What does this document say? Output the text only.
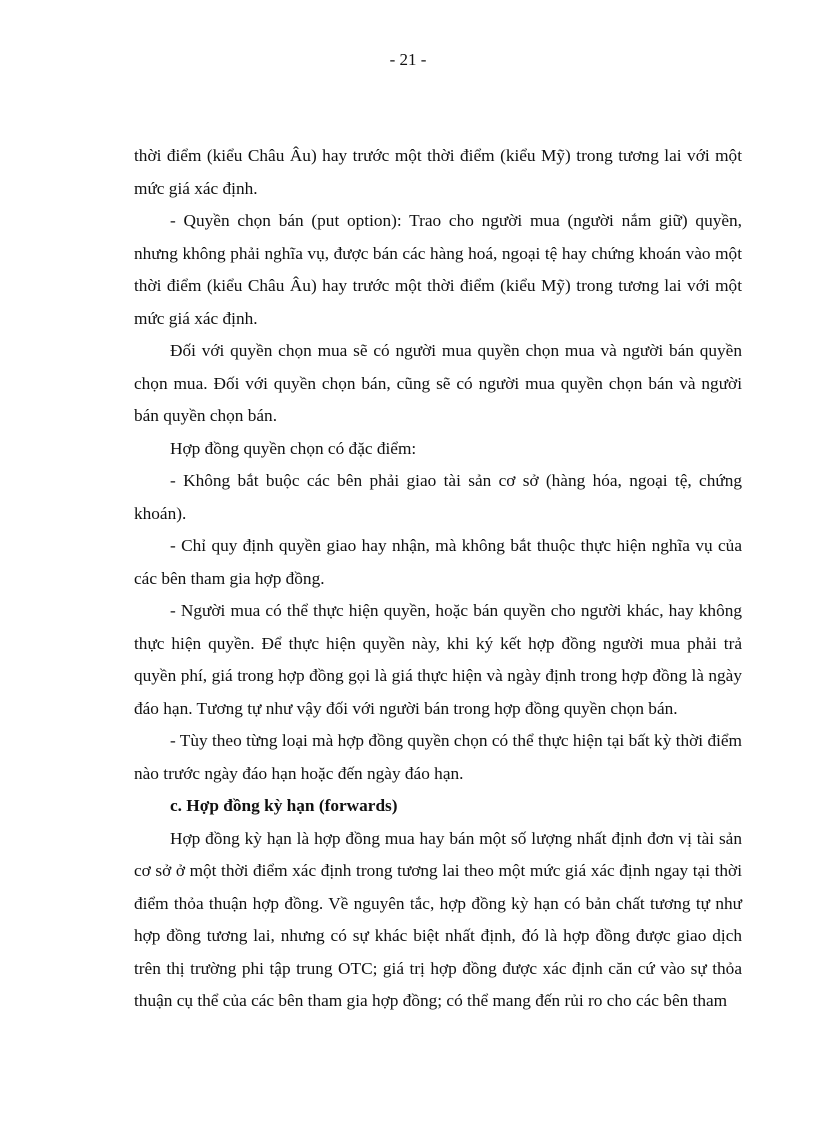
- 21 -

thời điểm (kiểu Châu Âu) hay trước một thời điểm (kiểu Mỹ) trong tương lai với một mức giá xác định.

- Quyền chọn bán (put option): Trao cho người mua (người nắm giữ) quyền, nhưng không phải nghĩa vụ, được bán các hàng hoá, ngoại tệ hay chứng khoán vào một thời điểm (kiểu Châu Âu) hay trước một thời điểm (kiểu Mỹ) trong tương lai với một mức giá xác định.

Đối với quyền chọn mua sẽ có người mua quyền chọn mua và người bán quyền chọn mua. Đối với quyền chọn bán, cũng sẽ có người mua quyền chọn bán và người bán quyền chọn bán.

Hợp đồng quyền chọn có đặc điểm:

- Không bắt buộc các bên phải giao tài sản cơ sở (hàng hóa, ngoại tệ, chứng khoán).

- Chỉ quy định quyền giao hay nhận, mà không bắt thuộc thực hiện nghĩa vụ của các bên tham gia hợp đồng.

- Người mua có thể thực hiện quyền, hoặc bán quyền cho người khác, hay không thực hiện quyền. Để thực hiện quyền này, khi ký kết hợp đồng người mua phải trả quyền phí, giá trong hợp đồng gọi là giá thực hiện và ngày định trong hợp đồng là ngày đáo hạn. Tương tự như vậy đối với người bán trong hợp đồng quyền chọn bán.

- Tùy theo từng loại mà hợp đồng quyền chọn có thể thực hiện tại bất kỳ thời điểm nào trước ngày đáo hạn hoặc đến ngày đáo hạn.

c. Hợp đồng kỳ hạn (forwards)

Hợp đồng kỳ hạn là hợp đồng mua hay bán một số lượng nhất định đơn vị tài sản cơ sở ở một thời điểm xác định trong tương lai theo một mức giá xác định ngay tại thời điểm thỏa thuận hợp đồng. Về nguyên tắc, hợp đồng kỳ hạn có bản chất tương tự như hợp đồng tương lai, nhưng có sự khác biệt nhất định, đó là hợp đồng được giao dịch trên thị trường phi tập trung OTC; giá trị hợp đồng được xác định căn cứ vào sự thỏa thuận cụ thể của các bên tham gia hợp đồng; có thể mang đến rủi ro cho các bên tham
